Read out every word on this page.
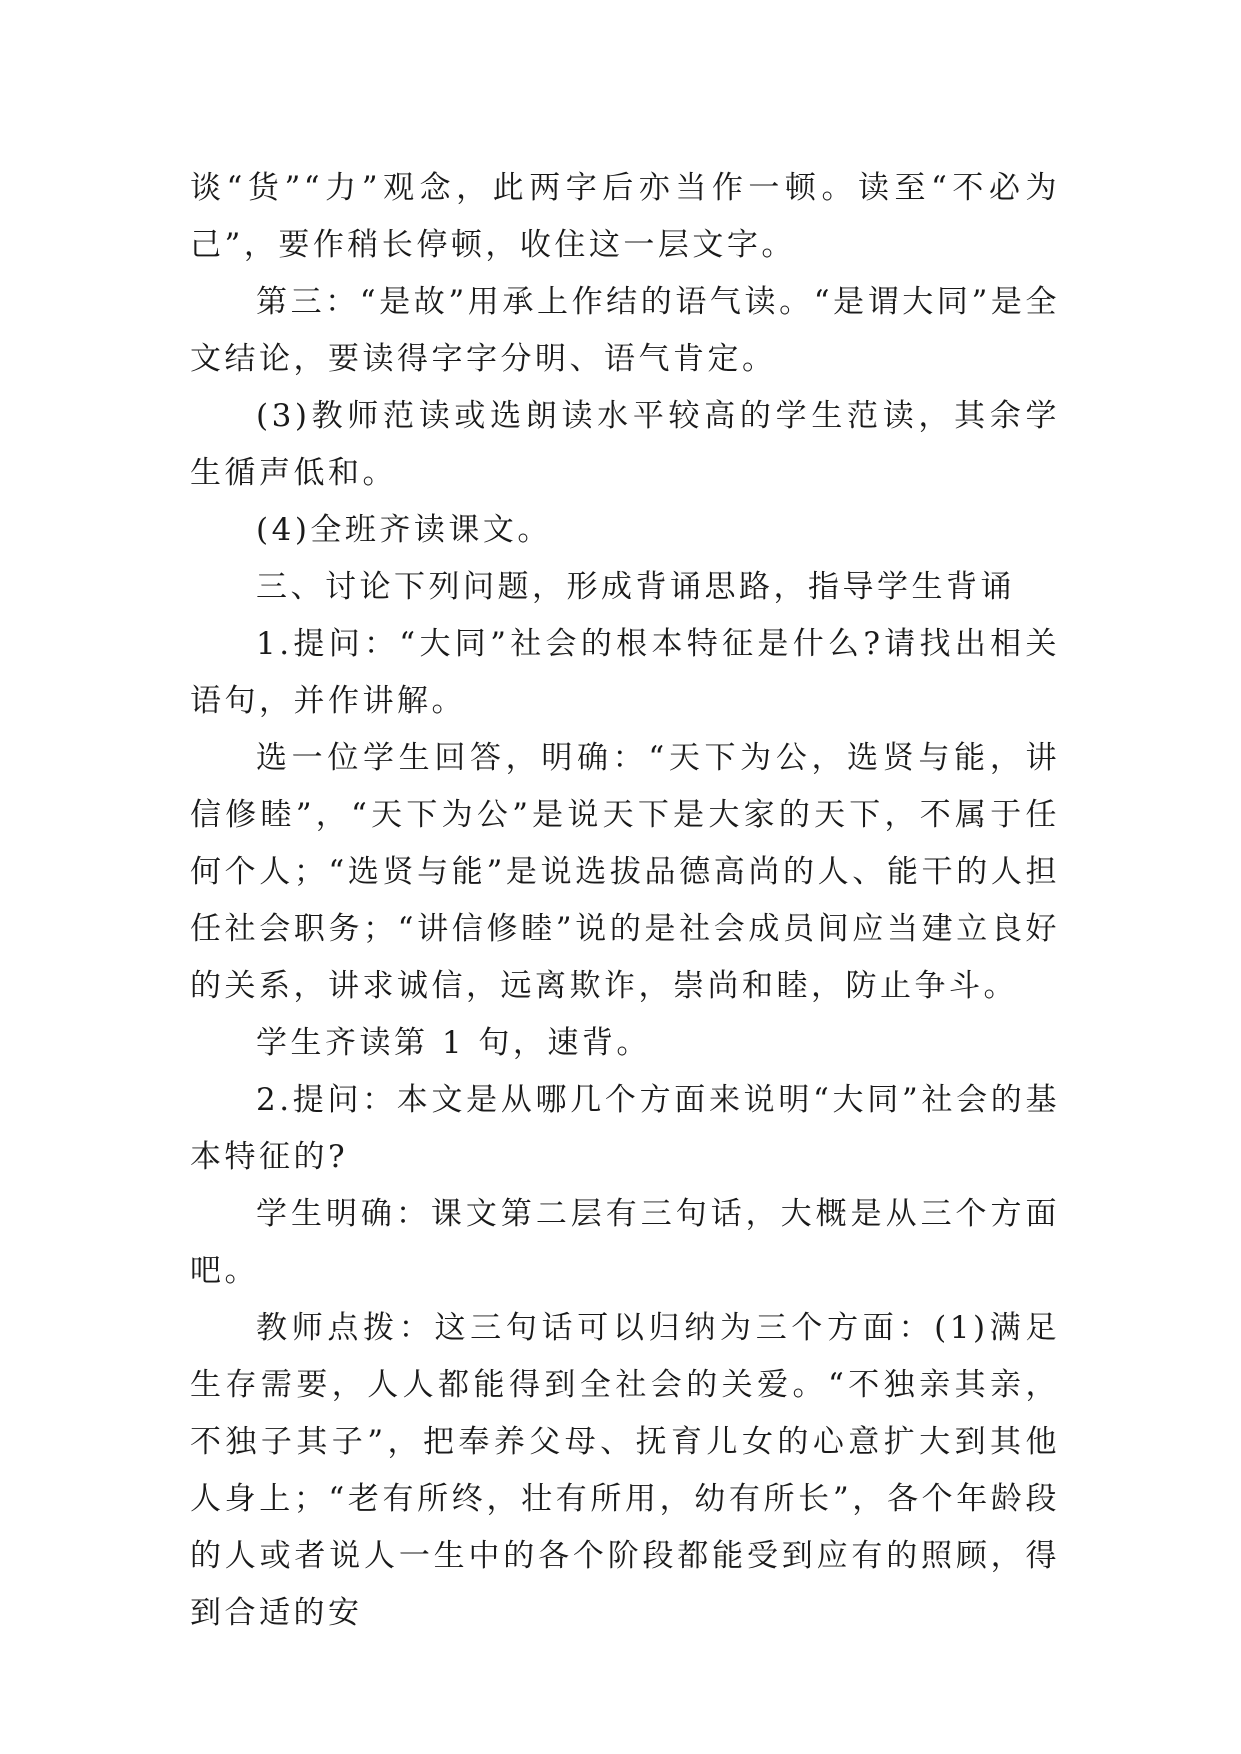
谈“货”“力”观念，此两字后亦当作一顿。读至“不必为己”，要作稍长停顿，收住这一层文字。

第三：“是故”用承上作结的语气读。“是谓大同”是全文结论，要读得字字分明、语气肯定。

(3)教师范读或选朗读水平较高的学生范读，其余学生循声低和。

(4)全班齐读课文。

三、讨论下列问题，形成背诵思路，指导学生背诵

1.提问：“大同”社会的根本特征是什么?请找出相关语句，并作讲解。

选一位学生回答，明确：“天下为公，选贤与能，讲信修睦”，“天下为公”是说天下是大家的天下，不属于任何个人；“选贤与能”是说选拔品德高尚的人、能干的人担任社会职务；“讲信修睦”说的是社会成员间应当建立良好的关系，讲求诚信，远离欺诈，崇尚和睦，防止争斗。

学生齐读第 1 句，速背。

2.提问：本文是从哪几个方面来说明“大同”社会的基本特征的?

学生明确：课文第二层有三句话，大概是从三个方面吧。

教师点拨：这三句话可以归纳为三个方面：(1)满足生存需要，人人都能得到全社会的关爱。“不独亲其亲，不独子其子”，把奉养父母、抚育儿女的心意扩大到其他人身上；“老有所终，壮有所用，幼有所长”，各个年龄段的人或者说人一生中的各个阶段都能受到应有的照顾，得到合适的安
